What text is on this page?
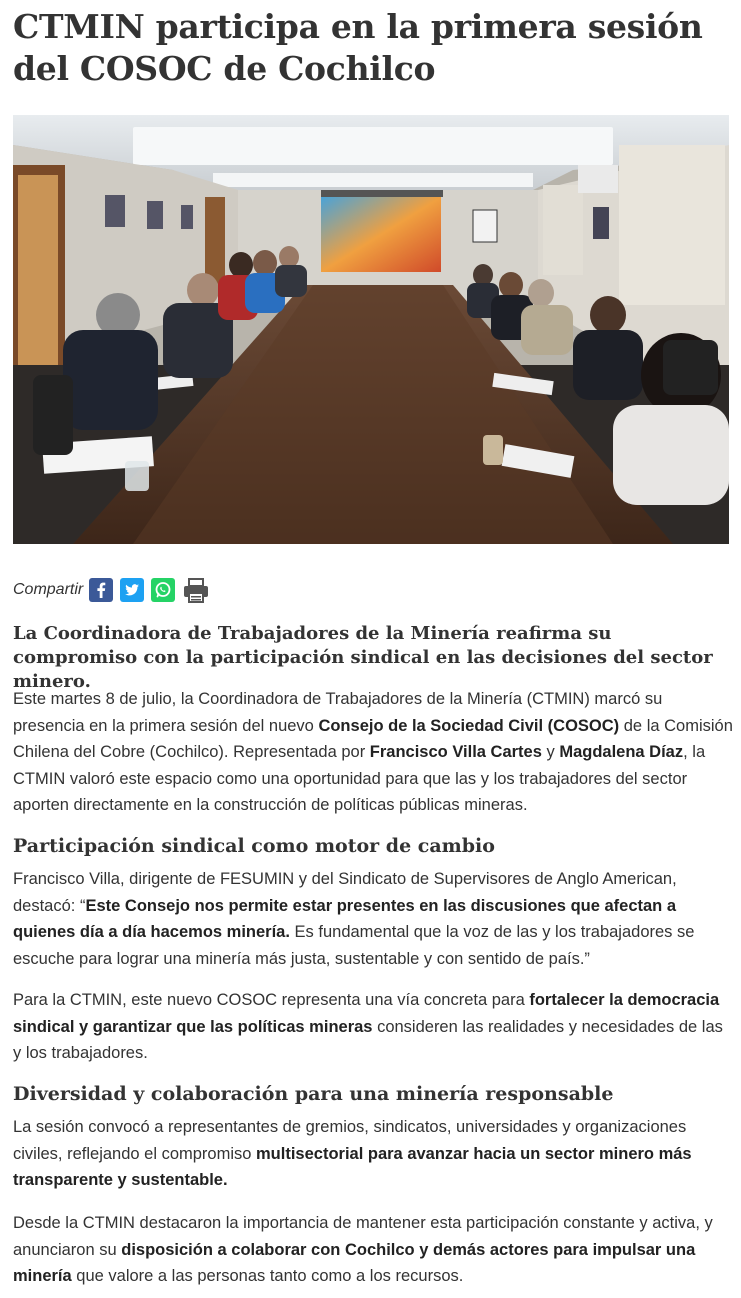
CTMIN participa en la primera sesión del COSOC de Cochilco
Compartir
La Coordinadora de Trabajadores de la Minería reafirma su compromiso con la participación sindical en las decisiones del sector minero.

Este martes 8 de julio, la Coordinadora de Trabajadores de la Minería (CTMIN) marcó su presencia en la primera sesión del nuevo Consejo de la Sociedad Civil (COSOC) de la Comisión Chilena del Cobre (Cochilco). Representada por Francisco Villa Cartes y Magdalena Díaz, la CTMIN valoró este espacio como una oportunidad para que las y los trabajadores del sector aporten directamente en la construcción de políticas públicas mineras.

Participación sindical como motor de cambio

Francisco Villa, dirigente de FESUMIN y del Sindicato de Supervisores de Anglo American, destacó: “Este Consejo nos permite estar presentes en las discusiones que afectan a quienes día a día hacemos minería. Es fundamental que la voz de las y los trabajadores se escuche para lograr una minería más justa, sustentable y con sentido de país.”

Para la CTMIN, este nuevo COSOC representa una vía concreta para fortalecer la democracia sindical y garantizar que las políticas mineras consideren las realidades y necesidades de las y los trabajadores.

Diversidad y colaboración para una minería responsable

La sesión convocó a representantes de gremios, sindicatos, universidades y organizaciones civiles, reflejando el compromiso multisectorial para avanzar hacia un sector minero más transparente y sustentable.

Desde la CTMIN destacaron la importancia de mantener esta participación constante y activa, y anunciaron su disposición a colaborar con Cochilco y demás actores para impulsar una minería que valore a las personas tanto como a los recursos.
